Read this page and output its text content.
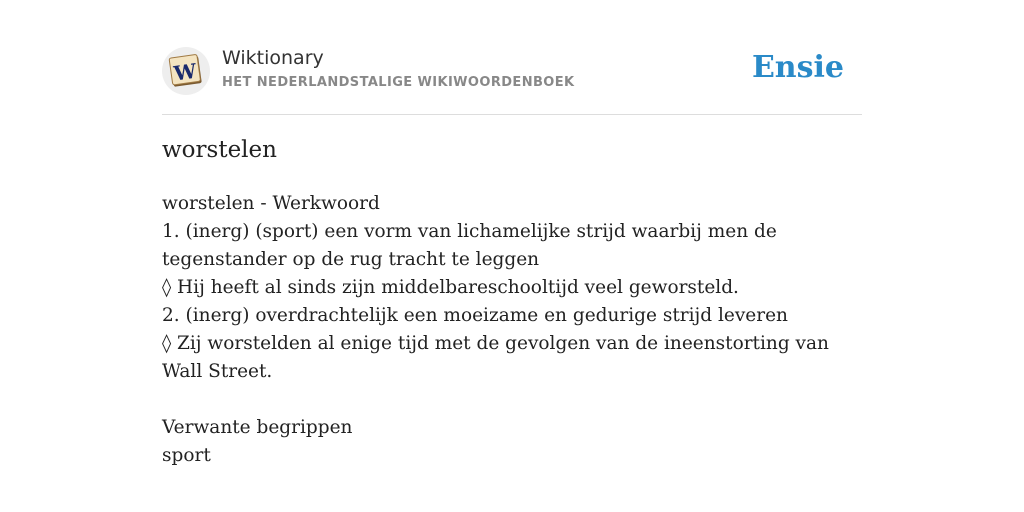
W
Wiktionary
HET NEDERLANDSTALIGE WIKIWOORDENBOEK	Ensie
worstelen
worstelen - Werkwoord
1. (inerg) (sport) een vorm van lichamelijke strijd waarbij men de tegenstander op de rug tracht te leggen
◊ Hij heeft al sinds zijn middelbareschooltijd veel geworsteld.
2. (inerg) overdrachtelijk een moeizame en gedurige strijd leveren
◊ Zij worstelden al enige tijd met de gevolgen van de ineenstorting van Wall Street.
Verwante begrippen
sport
